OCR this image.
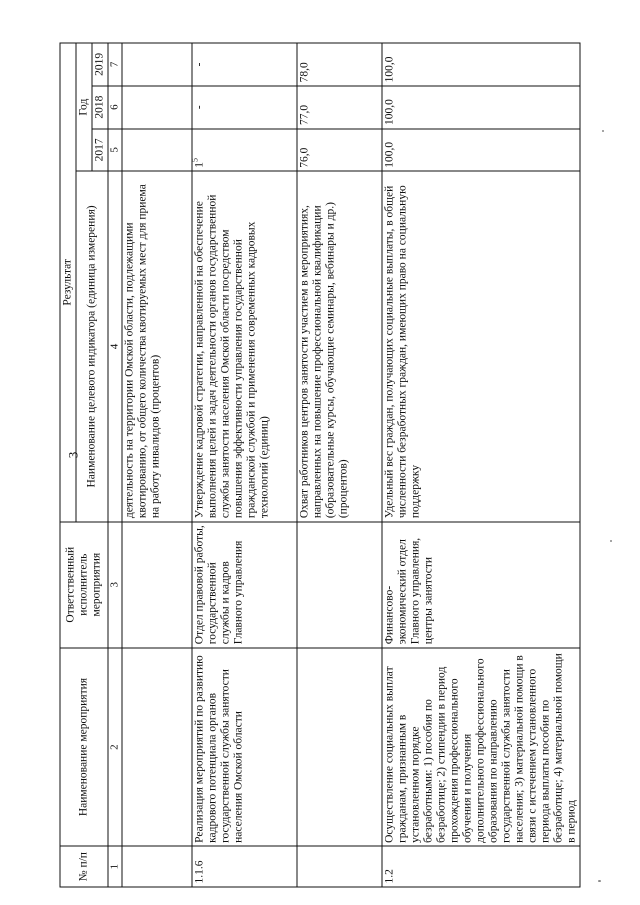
3
№ п/п	Наименование мероприятия	Ответственный исполнитель мероприятия	Результат			
			Наименование целевого индикатора (единица измерения)	Год		
				2017	2018	2019
1	2	3	4	5	6	7
			деятельность на территории Омской области, подлежащими квотированию, от общего количества квотируемых мест для приема на работу инвалидов (процентов)			
1.1.6	Реализация мероприятий по развитию кадрового потенциала органов государственной службы занятости населения Омской области	Отдел правовой работы, государственной службы и кадров Главного управления	Утверждение кадровой стратегии, направленной на обеспечение выполнения целей и задач деятельности органов государственной службы занятости населения Омской области посредством повышения эффективности управления государственной гражданской службой и применения современных кадровых технологий (единиц)	$1^5$	-	-
			Охват работников центров занятости участием в мероприятиях, направленных на повышение профессиональной квалификации (образовательные курсы, обучающие семинары, вебинары и др.) (процентов)	76,0	77,0	78,0
1.2	Осуществление социальных выплат гражданам, признанным в установленном порядке безработными: 1) пособия по безработице; 2) стипендии в период прохождения профессионального обучения и получения дополнительного профессионального образования по направлению государственной службы занятости населения; 3) материальной помощи в связи с истечением установленного периода выплаты пособия по безработице; 4) материальной помощи в период	Финансово-экономический отдел Главного управления, центры занятости	Удельный вес граждан, получающих социальные выплаты, в общей численности безработных граждан, имеющих право на социальную поддержку	100,0	100,0	100,0
